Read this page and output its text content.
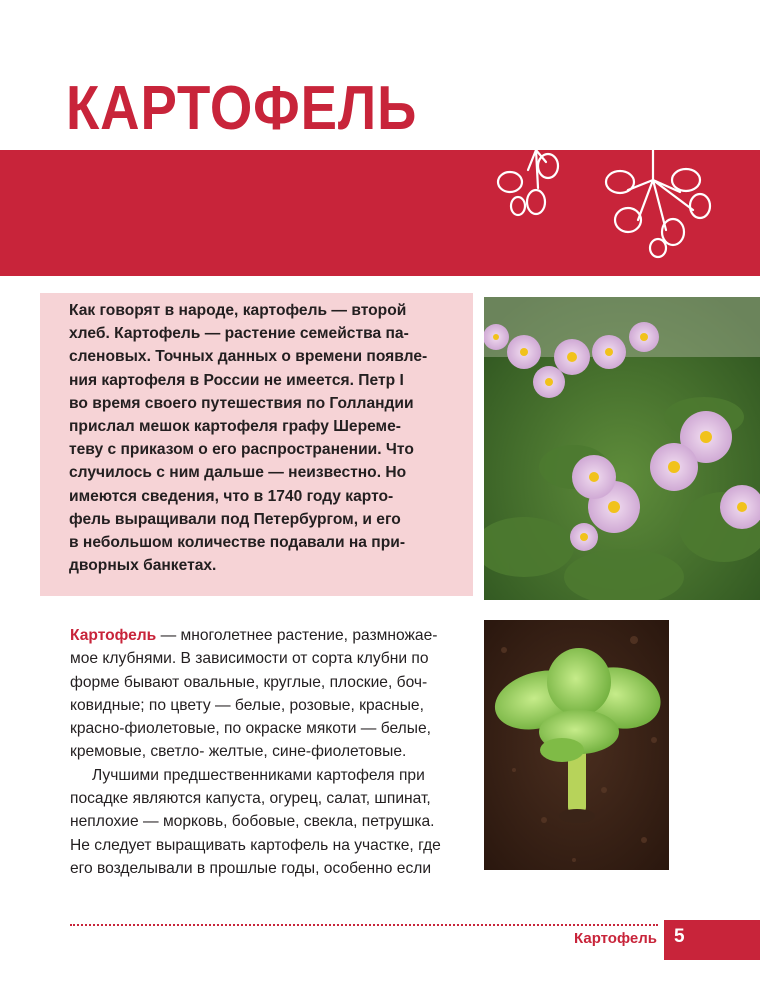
КАРТОФЕЛЬ
Как говорят в народе, картофель — второй
хлеб. Картофель — растение семейства па-
сленовых. Точных данных о времени появле-
ния картофеля в России не имеется. Петр I
во время своего путешествия по Голландии
прислал мешок картофеля графу Шереме-
теву с приказом о его распространении. Что
случилось с ним дальше — неизвестно. Но
имеются сведения, что в 1740 году карто-
фель выращивали под Петербургом, и его
в небольшом количестве подавали на при-
дворных банкетах.
Картофель — многолетнее растение, размножае-
мое клубнями. В зависимости от сорта клубни по
форме бывают овальные, круглые, плоские, боч-
ковидные; по цвету — белые, розовые, красные,
красно-фиолетовые, по окраске мякоти — белые,
кремовые, светло- желтые, сине-фиолетовые.
Лучшими предшественниками картофеля при
посадке являются капуста, огурец, салат, шпинат,
неплохие — морковь, бобовые, свекла, петрушка.
Не следует выращивать картофель на участке, где
его возделывали в прошлые годы, особенно если
Картофель 5
